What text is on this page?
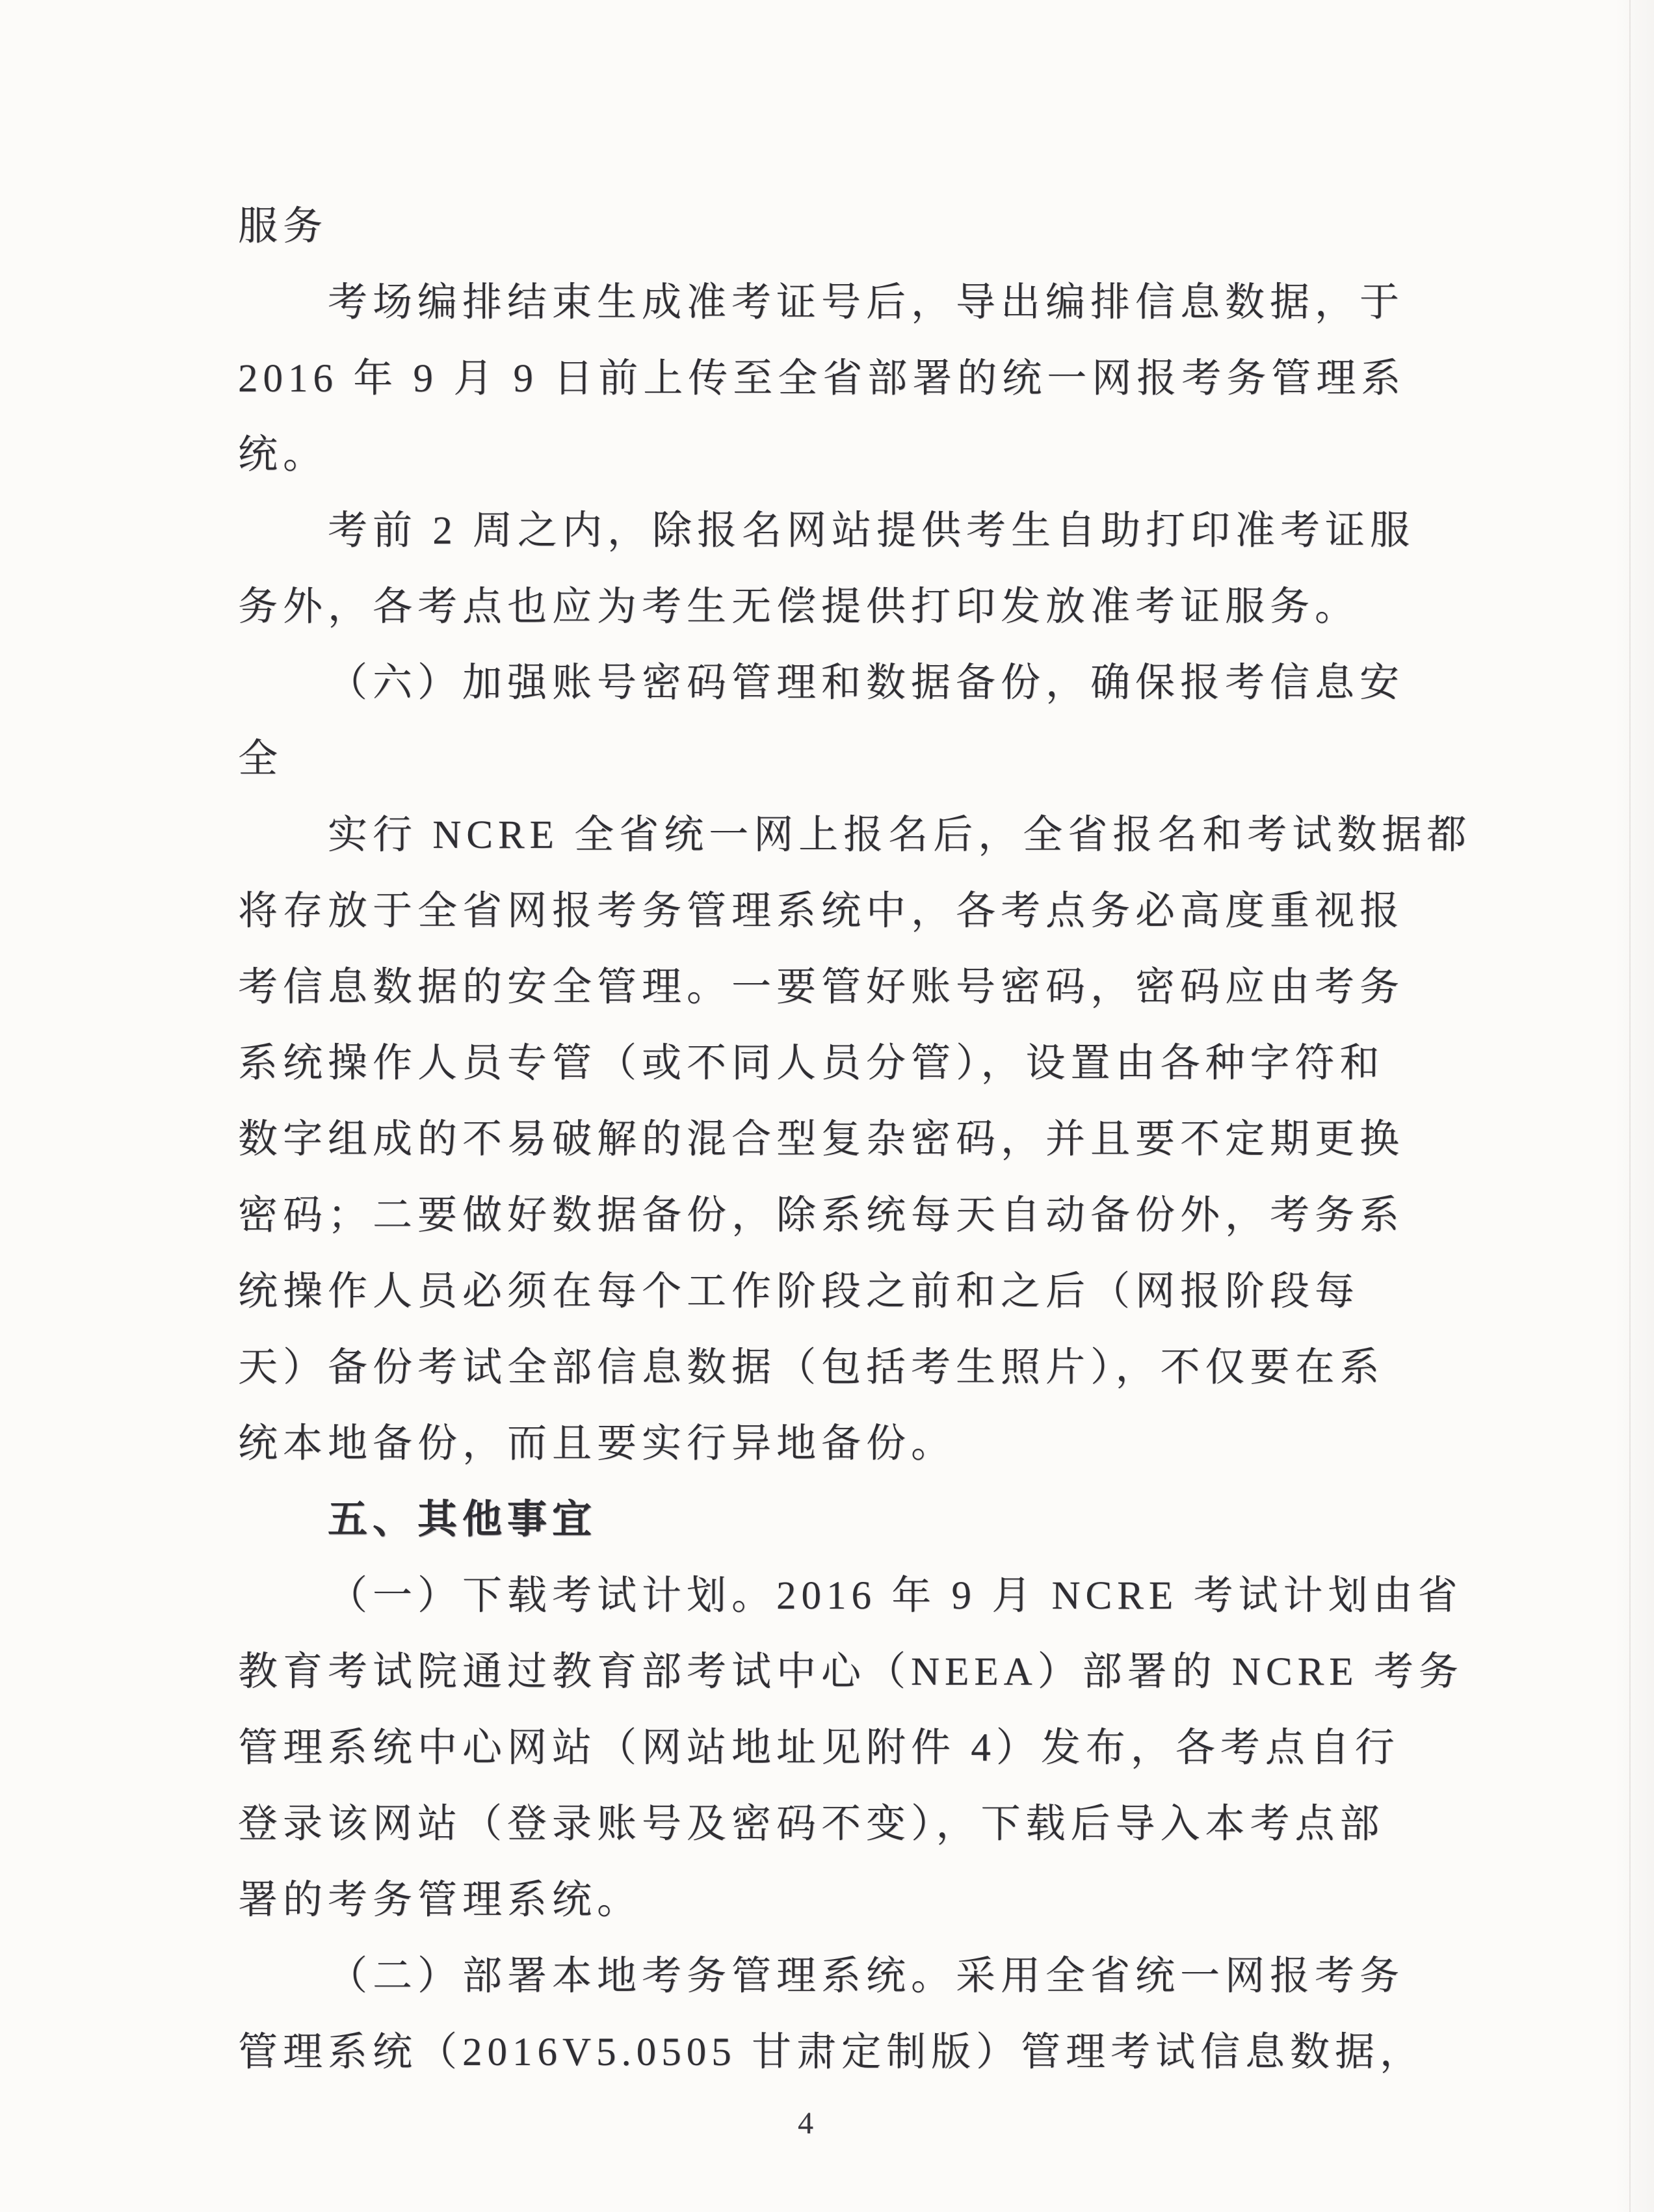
服务
考场编排结束生成准考证号后，导出编排信息数据，于
2016 年 9 月 9 日前上传至全省部署的统一网报考务管理系
统。
考前 2 周之内，除报名网站提供考生自助打印准考证服
务外，各考点也应为考生无偿提供打印发放准考证服务。
（六）加强账号密码管理和数据备份，确保报考信息安
全
实行 NCRE 全省统一网上报名后，全省报名和考试数据都
将存放于全省网报考务管理系统中，各考点务必高度重视报
考信息数据的安全管理。一要管好账号密码，密码应由考务
系统操作人员专管（或不同人员分管），设置由各种字符和
数字组成的不易破解的混合型复杂密码，并且要不定期更换
密码；二要做好数据备份，除系统每天自动备份外，考务系
统操作人员必须在每个工作阶段之前和之后（网报阶段每
天）备份考试全部信息数据（包括考生照片），不仅要在系
统本地备份，而且要实行异地备份。
五、其他事宜
（一）下载考试计划。2016 年 9 月 NCRE 考试计划由省
教育考试院通过教育部考试中心（NEEA）部署的 NCRE 考务
管理系统中心网站（网站地址见附件 4）发布，各考点自行
登录该网站（登录账号及密码不变），下载后导入本考点部
署的考务管理系统。
（二）部署本地考务管理系统。采用全省统一网报考务
管理系统（2016V5.0505 甘肃定制版）管理考试信息数据，
4
